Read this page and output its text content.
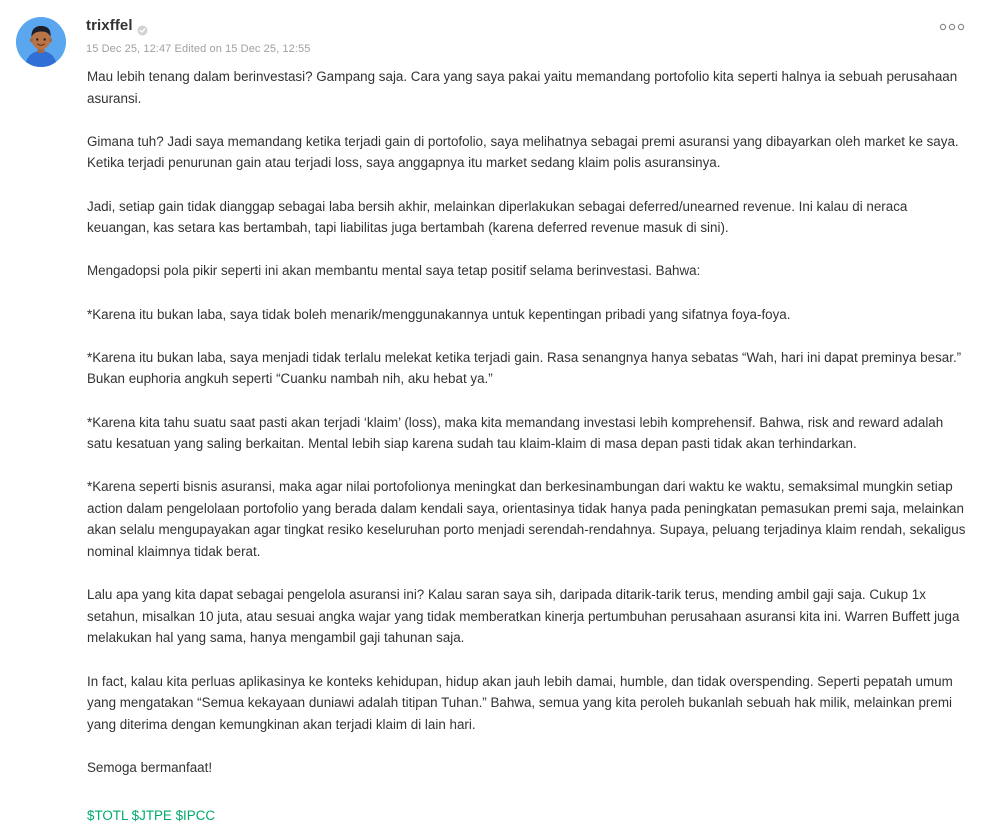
trixffel
15 Dec 25, 12:47 Edited on 15 Dec 25, 12:55

Mau lebih tenang dalam berinvestasi? Gampang saja. Cara yang saya pakai yaitu memandang portofolio kita seperti halnya ia sebuah perusahaan asuransi.

Gimana tuh? Jadi saya memandang ketika terjadi gain di portofolio, saya melihatnya sebagai premi asuransi yang dibayarkan oleh market ke saya. Ketika terjadi penurunan gain atau terjadi loss, saya anggapnya itu market sedang klaim polis asuransinya.

Jadi, setiap gain tidak dianggap sebagai laba bersih akhir, melainkan diperlakukan sebagai deferred/unearned revenue. Ini kalau di neraca keuangan, kas setara kas bertambah, tapi liabilitas juga bertambah (karena deferred revenue masuk di sini).

Mengadopsi pola pikir seperti ini akan membantu mental saya tetap positif selama berinvestasi. Bahwa:

*Karena itu bukan laba, saya tidak boleh menarik/menggunakannya untuk kepentingan pribadi yang sifatnya foya-foya.

*Karena itu bukan laba, saya menjadi tidak terlalu melekat ketika terjadi gain. Rasa senangnya hanya sebatas “Wah, hari ini dapat preminya besar.” Bukan euphoria angkuh seperti “Cuanku nambah nih, aku hebat ya.”

*Karena kita tahu suatu saat pasti akan terjadi ‘klaim’ (loss), maka kita memandang investasi lebih komprehensif. Bahwa, risk and reward adalah satu kesatuan yang saling berkaitan. Mental lebih siap karena sudah tau klaim-klaim di masa depan pasti tidak akan terhindarkan.

*Karena seperti bisnis asuransi, maka agar nilai portofolionya meningkat dan berkesinambungan dari waktu ke waktu, semaksimal mungkin setiap action dalam pengelolaan portofolio yang berada dalam kendali saya, orientasinya tidak hanya pada peningkatan pemasukan premi saja, melainkan akan selalu mengupayakan agar tingkat resiko keseluruhan porto menjadi serendah-rendahnya. Supaya, peluang terjadinya klaim rendah, sekaligus nominal klaimnya tidak berat.

Lalu apa yang kita dapat sebagai pengelola asuransi ini? Kalau saran saya sih, daripada ditarik-tarik terus, mending ambil gaji saja. Cukup 1x setahun, misalkan 10 juta, atau sesuai angka wajar yang tidak memberatkan kinerja pertumbuhan perusahaan asuransi kita ini. Warren Buffett juga melakukan hal yang sama, hanya mengambil gaji tahunan saja.

In fact, kalau kita perluas aplikasinya ke konteks kehidupan, hidup akan jauh lebih damai, humble, dan tidak overspending. Seperti pepatah umum yang mengatakan “Semua kekayaan duniawi adalah titipan Tuhan.” Bahwa, semua yang kita peroleh bukanlah sebuah hak milik, melainkan premi yang diterima dengan kemungkinan akan terjadi klaim di lain hari.

Semoga bermanfaat!

$TOTL $JTPE $IPCC
